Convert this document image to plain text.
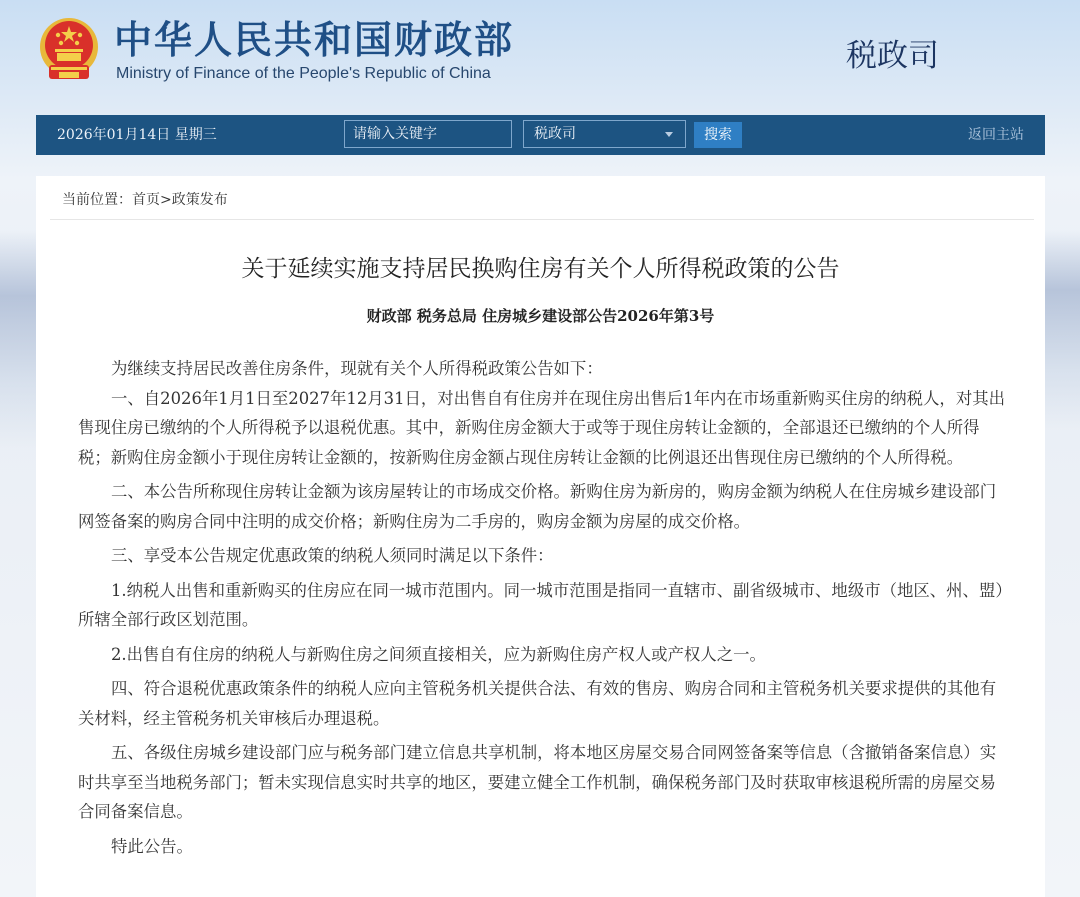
中华人民共和国财政部
Ministry of Finance of the People's Republic of China	税政司
2026年01月14日 星期三
请输入关键字	税政司	搜索	返回主站
当前位置：首页>政策发布
关于延续实施支持居民换购住房有关个人所得税政策的公告
财政部 税务总局 住房城乡建设部公告2026年第3号

为继续支持居民改善住房条件，现就有关个人所得税政策公告如下：

一、自2026年1月1日至2027年12月31日，对出售自有住房并在现住房出售后1年内在市场重新购买住房的纳税人，对其出售现住房已缴纳的个人所得税予以退税优惠。其中，新购住房金额大于或等于现住房转让金额的，全部退还已缴纳的个人所得税；新购住房金额小于现住房转让金额的，按新购住房金额占现住房转让金额的比例退还出售现住房已缴纳的个人所得税。

二、本公告所称现住房转让金额为该房屋转让的市场成交价格。新购住房为新房的，购房金额为纳税人在住房城乡建设部门网签备案的购房合同中注明的成交价格；新购住房为二手房的，购房金额为房屋的成交价格。

三、享受本公告规定优惠政策的纳税人须同时满足以下条件：

1.纳税人出售和重新购买的住房应在同一城市范围内。同一城市范围是指同一直辖市、副省级城市、地级市（地区、州、盟）所辖全部行政区划范围。

2.出售自有住房的纳税人与新购住房之间须直接相关，应为新购住房产权人或产权人之一。

四、符合退税优惠政策条件的纳税人应向主管税务机关提供合法、有效的售房、购房合同和主管税务机关要求提供的其他有关材料，经主管税务机关审核后办理退税。

五、各级住房城乡建设部门应与税务部门建立信息共享机制，将本地区房屋交易合同网签备案等信息（含撤销备案信息）实时共享至当地税务部门；暂未实现信息实时共享的地区，要建立健全工作机制，确保税务部门及时获取审核退税所需的房屋交易合同备案信息。

特此公告。
